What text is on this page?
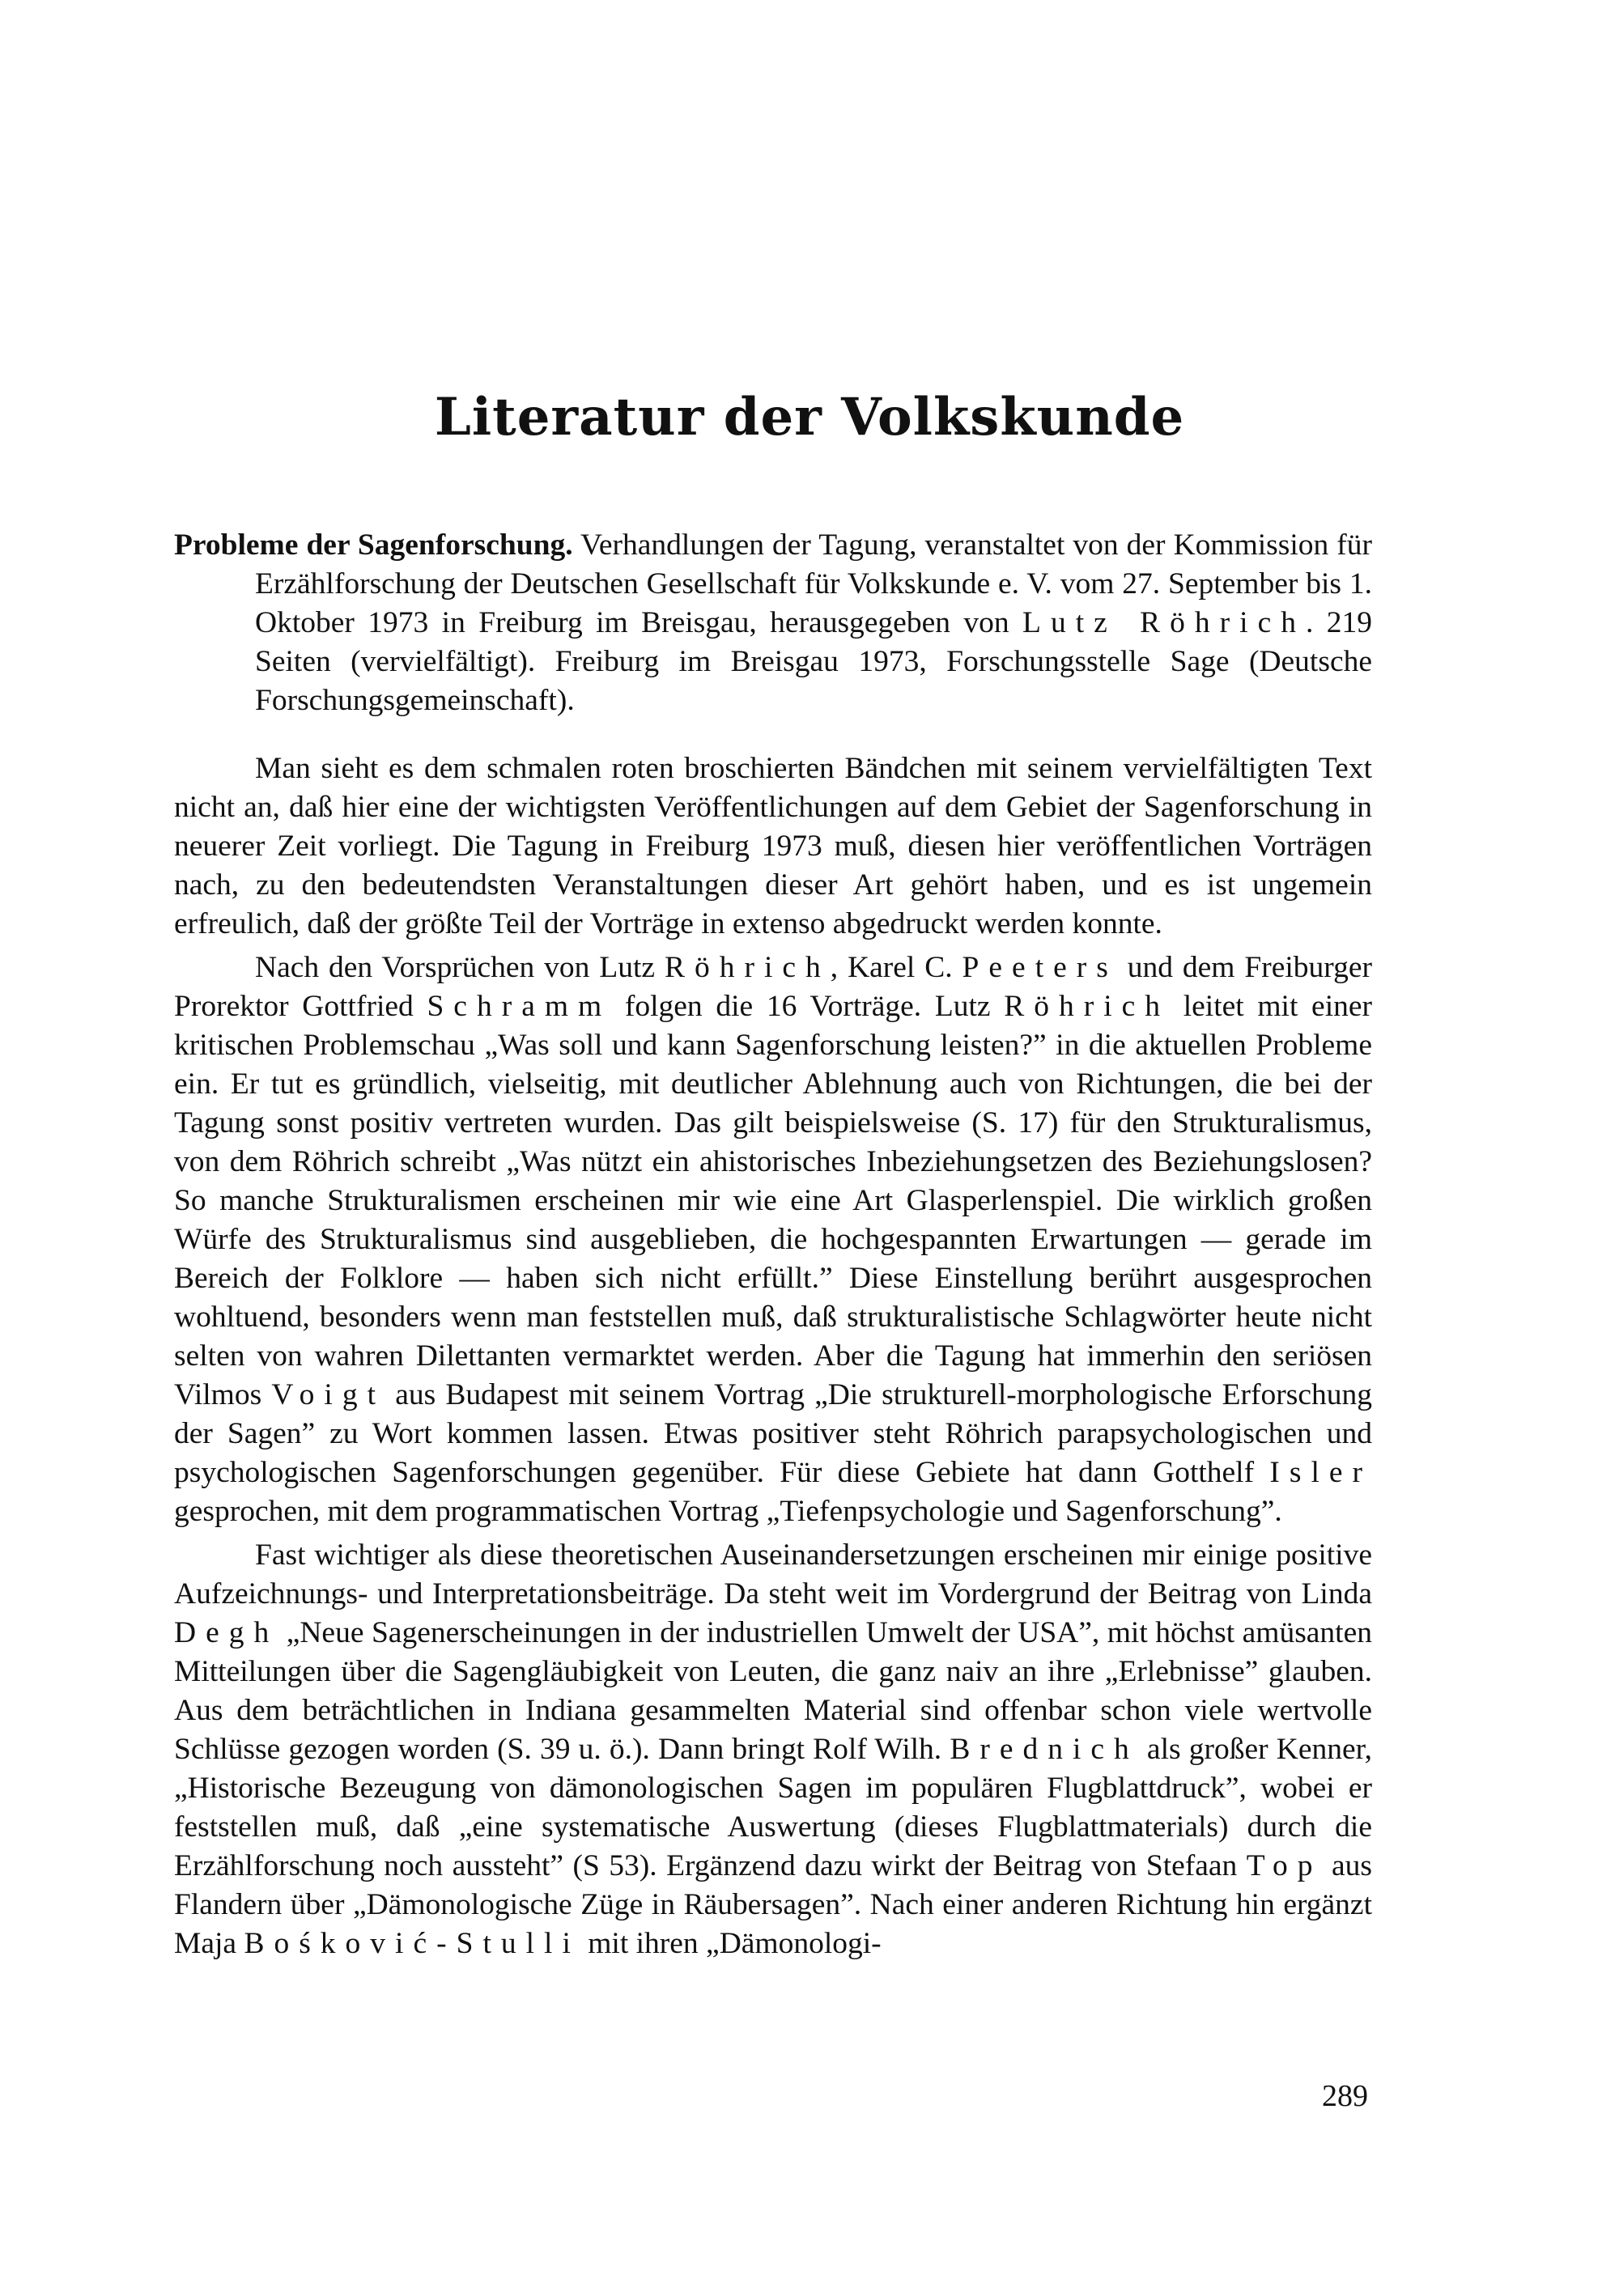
Literatur der Volkskunde

Probleme der Sagenforschung. Verhandlungen der Tagung, veranstaltet von der Kommission für Erzählforschung der Deutschen Gesellschaft für Volkskunde e. V. vom 27. September bis 1. Oktober 1973 in Freiburg im Breisgau, herausgegeben von Lutz Röhrich. 219 Seiten (vervielfältigt). Freiburg im Breisgau 1973, Forschungsstelle Sage (Deutsche Forschungsgemeinschaft).

Man sieht es dem schmalen roten broschierten Bändchen mit seinem vervielfältigten Text nicht an, daß hier eine der wichtigsten Veröffentlichungen auf dem Gebiet der Sagenforschung in neuerer Zeit vorliegt. Die Tagung in Freiburg 1973 muß, diesen hier veröffentlichen Vorträgen nach, zu den bedeutendsten Veranstaltungen dieser Art gehört haben, und es ist ungemein erfreulich, daß der größte Teil der Vorträge in extenso abgedruckt werden konnte.

Nach den Vorsprüchen von Lutz Röhrich, Karel C. Peeters und dem Freiburger Prorektor Gottfried Schramm folgen die 16 Vorträge. Lutz Röhrich leitet mit einer kritischen Problemschau „Was soll und kann Sagenforschung leisten?” in die aktuellen Probleme ein. Er tut es gründlich, vielseitig, mit deutlicher Ablehnung auch von Richtungen, die bei der Tagung sonst positiv vertreten wurden. Das gilt beispielsweise (S. 17) für den Strukturalismus, von dem Röhrich schreibt „Was nützt ein ahistorisches Inbeziehungsetzen des Beziehungslosen? So manche Strukturalismen erscheinen mir wie eine Art Glasperlenspiel. Die wirklich großen Würfe des Strukturalismus sind ausgeblieben, die hochgespannten Erwartungen — gerade im Bereich der Folklore — haben sich nicht erfüllt.” Diese Einstellung berührt ausgesprochen wohltuend, besonders wenn man feststellen muß, daß strukturalistische Schlagwörter heute nicht selten von wahren Dilettanten vermarktet werden. Aber die Tagung hat immerhin den seriösen Vilmos Voigt aus Budapest mit seinem Vortrag „Die strukturell-morphologische Erforschung der Sagen” zu Wort kommen lassen. Etwas positiver steht Röhrich parapsychologischen und psychologischen Sagenforschungen gegenüber. Für diese Gebiete hat dann Gotthelf Isler gesprochen, mit dem programmatischen Vortrag „Tiefenpsychologie und Sagenforschung”.

Fast wichtiger als diese theoretischen Auseinandersetzungen erscheinen mir einige positive Aufzeichnungs- und Interpretationsbeiträge. Da steht weit im Vordergrund der Beitrag von Linda Degh „Neue Sagenerscheinungen in der industriellen Umwelt der USA”, mit höchst amüsanten Mitteilungen über die Sagengläubigkeit von Leuten, die ganz naiv an ihre „Erlebnisse” glauben. Aus dem beträchtlichen in Indiana gesammelten Material sind offenbar schon viele wertvolle Schlüsse gezogen worden (S. 39 u. ö.). Dann bringt Rolf Wilh. Brednich als großer Kenner, „Historische Bezeugung von dämonologischen Sagen im populären Flugblattdruck”, wobei er feststellen muß, daß „eine systematische Auswertung (dieses Flugblattmaterials) durch die Erzählforschung noch aussteht” (S 53). Ergänzend dazu wirkt der Beitrag von Stefaan Top aus Flandern über „Dämonologische Züge in Räubersagen”. Nach einer anderen Richtung hin ergänzt Maja Bośković-Stulli mit ihren „Dämonologi-

289
